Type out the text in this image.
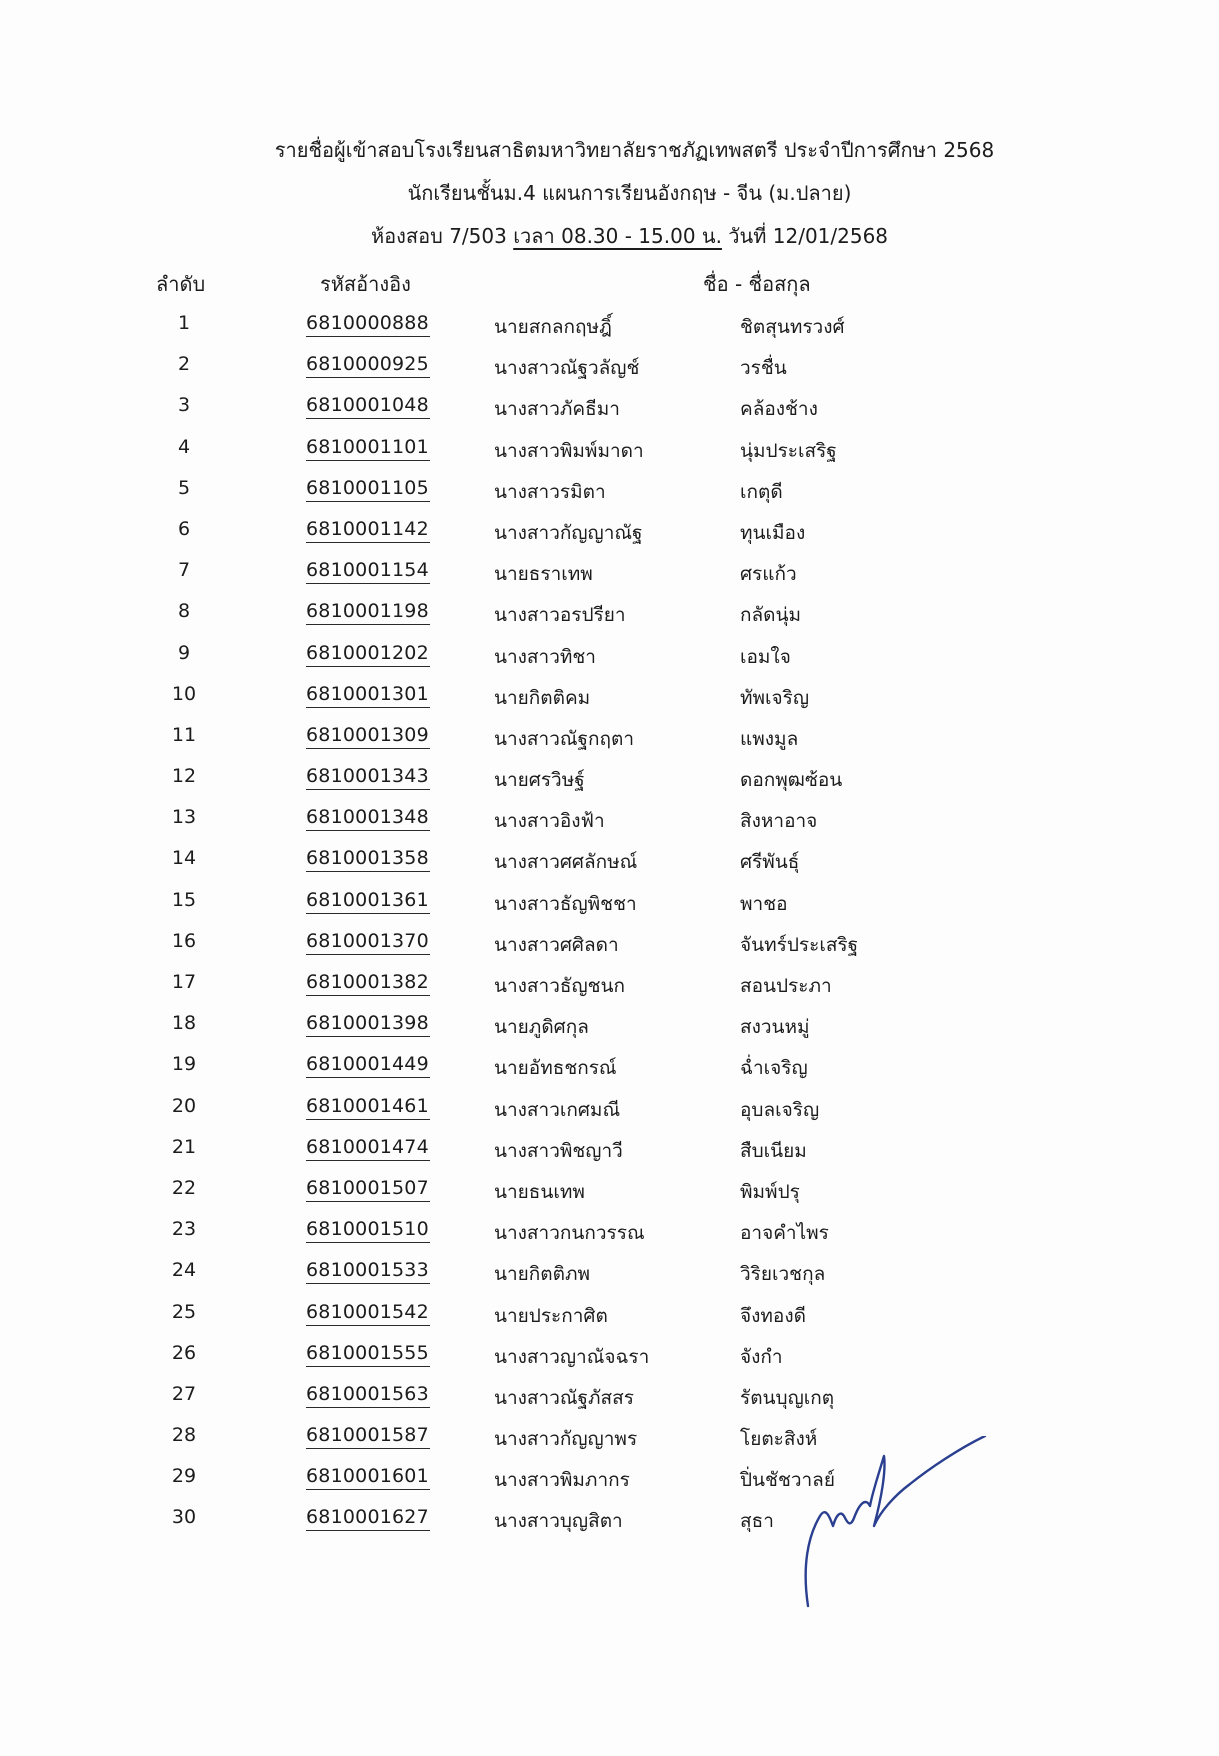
รายชื่อผู้เข้าสอบโรงเรียนสาธิตมหาวิทยาลัยราชภัฏเทพสตรี ประจำปีการศึกษา 2568
นักเรียนชั้นม.4 แผนการเรียนอังกฤษ - จีน (ม.ปลาย)
ห้องสอบ 7/503 เวลา 08.30 - 15.00 น. วันที่ 12/01/2568
ลำดับ	รหัสอ้างอิง	ชื่อ - ชื่อสกุล
1	6810000888	นายสกลกฤษฎิ์	ชิตสุนทรวงศ์
2	6810000925	นางสาวณัฐวลัญช์	วรชื่น
3	6810001048	นางสาวภัคธีมา	คล้องช้าง
4	6810001101	นางสาวพิมพ์มาดา	นุ่มประเสริฐ
5	6810001105	นางสาวรมิตา	เกตุดี
6	6810001142	นางสาวกัญญาณัฐ	ทุนเมือง
7	6810001154	นายธราเทพ	ศรแก้ว
8	6810001198	นางสาวอรปรียา	กลัดนุ่ม
9	6810001202	นางสาวทิชา	เอมใจ
10	6810001301	นายกิตติคม	ทัพเจริญ
11	6810001309	นางสาวณัฐกฤตา	แพงมูล
12	6810001343	นายศรวิษฐ์	ดอกพุฒซ้อน
13	6810001348	นางสาวอิงฟ้า	สิงหาอาจ
14	6810001358	นางสาวศศลักษณ์	ศรีพันธุ์
15	6810001361	นางสาวธัญพิชชา	พาชอ
16	6810001370	นางสาวศศิลดา	จันทร์ประเสริฐ
17	6810001382	นางสาวธัญชนก	สอนประภา
18	6810001398	นายภูดิศกุล	สงวนหมู่
19	6810001449	นายอัทธชกรณ์	ฉ่ำเจริญ
20	6810001461	นางสาวเกศมณี	อุบลเจริญ
21	6810001474	นางสาวพิชญาวี	สืบเนียม
22	6810001507	นายธนเทพ	พิมพ์ปรุ
23	6810001510	นางสาวกนกวรรณ	อาจคำไพร
24	6810001533	นายกิตติภพ	วิริยเวชกุล
25	6810001542	นายประกาศิต	จึงทองดี
26	6810001555	นางสาวญาณัจฉรา	จังกำ
27	6810001563	นางสาวณัฐภัสสร	รัตนบุญเกตุ
28	6810001587	นางสาวกัญญาพร	โยตะสิงห์
29	6810001601	นางสาวพิมภากร	ปิ่นชัชวาลย์
30	6810001627	นางสาวบุญสิตา	สุธา
